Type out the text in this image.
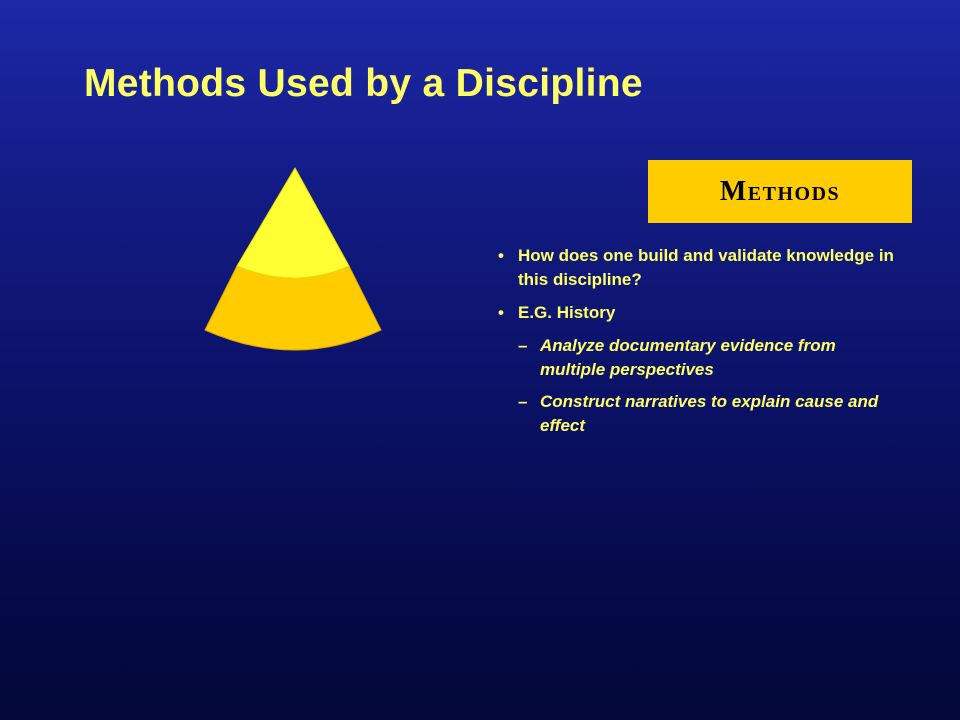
Methods Used by a Discipline
Methods
• How does one build and validate knowledge in this discipline?
• E.G. History
– Analyze documentary evidence from multiple perspectives
– Construct narratives to explain cause and effect
